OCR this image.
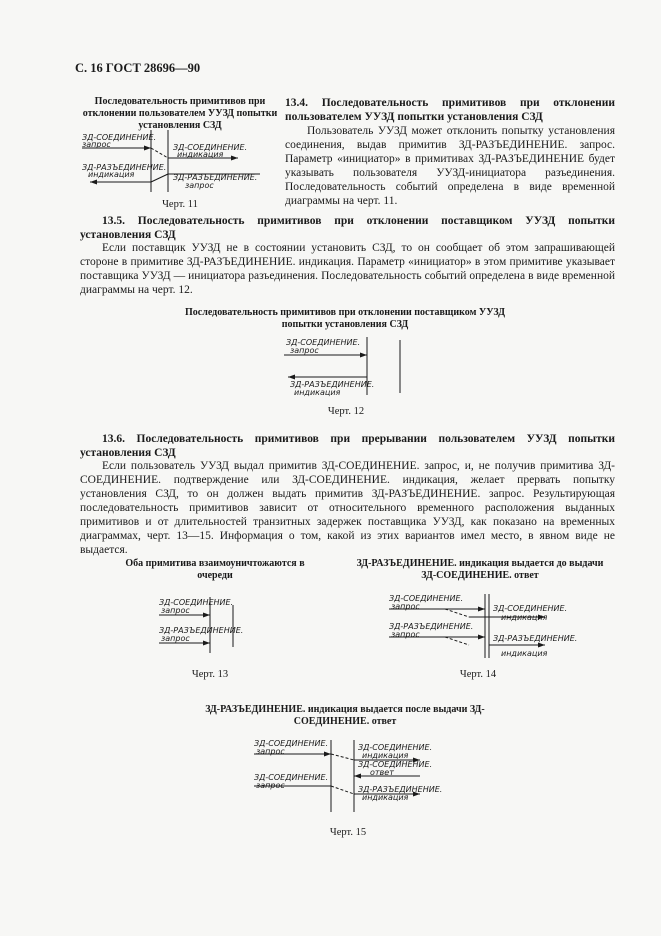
С. 16 ГОСТ 28696—90
Последовательность примитивов при отклонении пользователем УУЗД попытки установления СЗД
ЗД-СОЕДИНЕНИЕ.
запрос
ЗД-РАЗЪЕДИНЕНИЕ.
индикация
ЗД-СОЕДИНЕНИЕ.
индикация
ЗД-РАЗЪЕДИНЕНИЕ.
запрос
Черт. 11
13.4. Последовательность примитивов при отклонении пользователем УУЗД попытки установления СЗД
Пользователь УУЗД может отклонить попытку установления соединения, выдав примитив ЗД-РАЗЪЕДИНЕНИЕ. запрос. Параметр «инициатор» в примитивах ЗД-РАЗЪЕДИНЕНИЕ будет указывать пользователя УУЗД-инициатора разъединения. Последовательность событий определена в виде временной диаграммы на черт. 11.
13.5. Последовательность примитивов при отклонении поставщиком УУЗД попытки установления СЗД
Если поставщик УУЗД не в состоянии установить СЗД, то он сообщает об этом запрашивающей стороне в примитиве ЗД-РАЗЪЕДИНЕНИЕ. индикация. Параметр «инициатор» в этом примитиве указывает поставщика УУЗД — инициатора разъединения. Последовательность событий определена в виде временной диаграммы на черт. 12.
Последовательность примитивов при отклонении поставщиком УУЗД попытки установления СЗД
ЗД-СОЕДИНЕНИЕ.
запрос
ЗД-РАЗЪЕДИНЕНИЕ.
индикация
Черт. 12
13.6. Последовательность примитивов при прерывании пользователем УУЗД попытки установления СЗД
Если пользователь УУЗД выдал примитив ЗД-СОЕДИНЕНИЕ. запрос, и, не получив примитива ЗД-СОЕДИНЕНИЕ. подтверждение или ЗД-СОЕДИНЕНИЕ. индикация, желает прервать попытку установления СЗД, то он должен выдать примитив ЗД-РАЗЪЕДИНЕНИЕ. запрос. Результирующая последовательность примитивов зависит от относительного временного расположения выданных примитивов и от длительностей транзитных задержек поставщика УУЗД, как показано на временных диаграммах, черт. 13—15. Информация о том, какой из этих вариантов имел место, в явном виде не выдается.
Оба примитива взаимоуничтожаются в очереди
ЗД-СОЕДИНЕНИЕ.
запрос
ЗД-РАЗЪЕДИНЕНИЕ.
запрос
Черт. 13
ЗД-РАЗЪЕДИНЕНИЕ. индикация выдается до выдачи ЗД-СОЕДИНЕНИЕ. ответ
ЗД-СОЕДИНЕНИЕ.
запрос
ЗД-РАЗЪЕДИНЕНИЕ.
запрос
ЗД-СОЕДИНЕНИЕ.
индикация
ЗД-РАЗЪЕДИНЕНИЕ.
индикация
Черт. 14
ЗД-РАЗЪЕДИНЕНИЕ. индикация выдается после выдачи ЗД-СОЕДИНЕНИЕ. ответ
ЗД-СОЕДИНЕНИЕ.
запрос
ЗД-СОЕДИНЕНИЕ.
запрос
ЗД-СОЕДИНЕНИЕ.
индикация
ЗД-СОЕДИНЕНИЕ.
ответ
ЗД-РАЗЪЕДИНЕНИЕ.
индикация
Черт. 15
